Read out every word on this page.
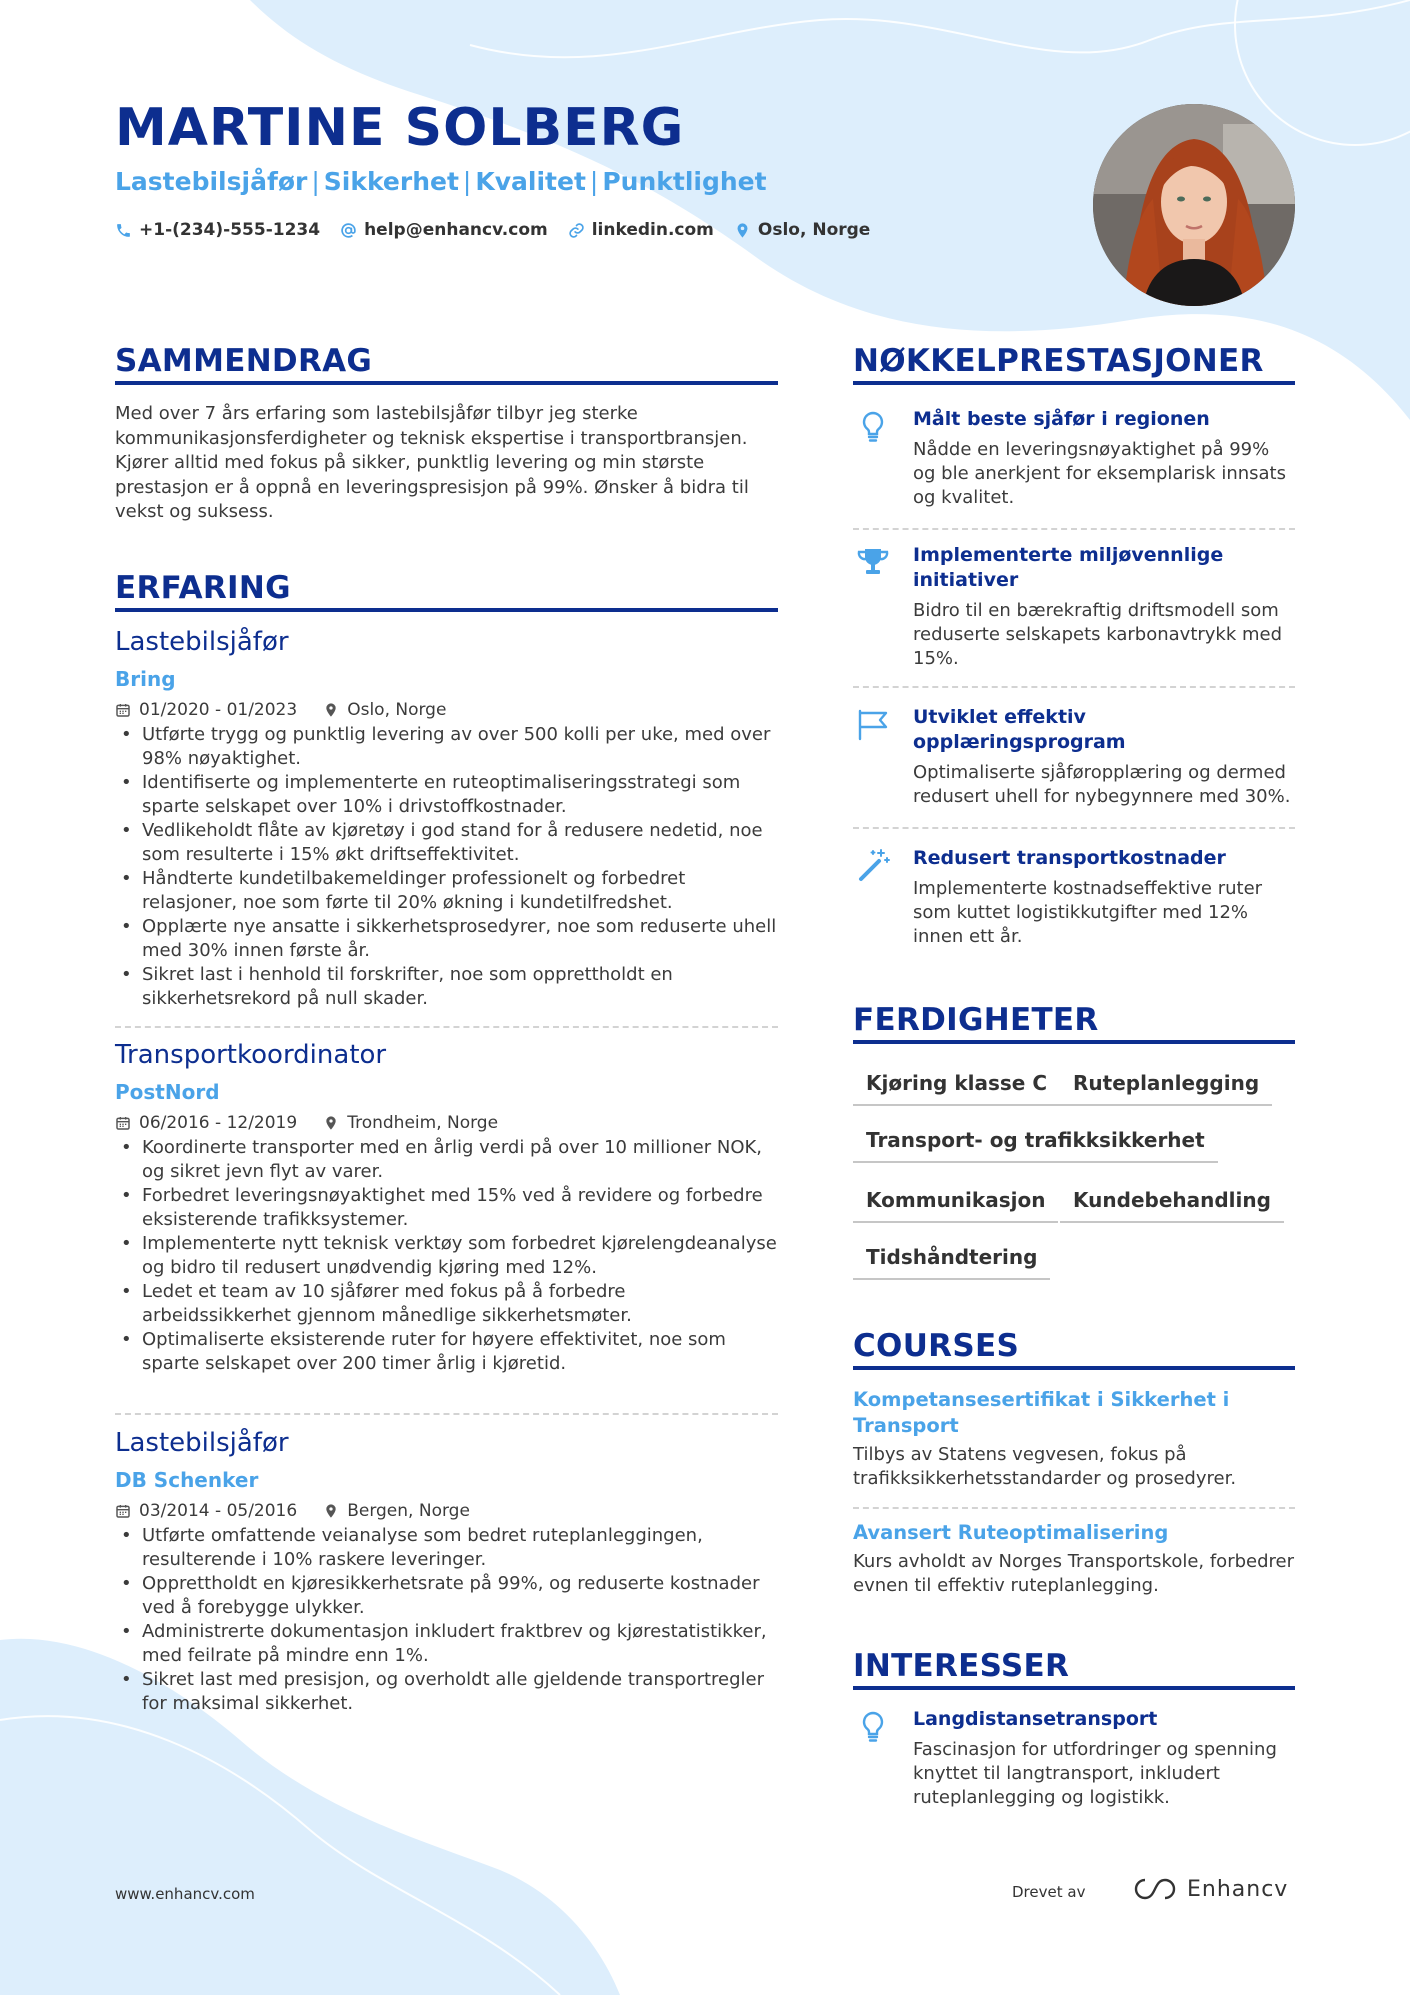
MARTINE SOLBERG
Lastebilsjåfør | Sikkerhet | Kvalitet | Punktlighet
+1-(234)-555-1234	help@enhancv.com	linkedin.com	Oslo, Norge
SAMMENDRAG
Med over 7 års erfaring som lastebilsjåfør tilbyr jeg sterke kommunikasjonsferdigheter og teknisk ekspertise i transportbransjen. Kjører alltid med fokus på sikker, punktlig levering og min største prestasjon er å oppnå en leveringspresisjon på 99%. Ønsker å bidra til vekst og suksess.
ERFARING
Lastebilsjåfør
Bring
01/2020 - 01/2023	Oslo, Norge
• Utførte trygg og punktlig levering av over 500 kolli per uke, med over 98% nøyaktighet.
• Identifiserte og implementerte en ruteoptimaliseringsstrategi som sparte selskapet over 10% i drivstoffkostnader.
• Vedlikeholdt flåte av kjøretøy i god stand for å redusere nedetid, noe som resulterte i 15% økt driftseffektivitet.
• Håndterte kundetilbakemeldinger professionelt og forbedret relasjoner, noe som førte til 20% økning i kundetilfredshet.
• Opplærte nye ansatte i sikkerhetsprosedyrer, noe som reduserte uhell med 30% innen første år.
• Sikret last i henhold til forskrifter, noe som opprettholdt en sikkerhetsrekord på null skader.
Transportkoordinator
PostNord
06/2016 - 12/2019	Trondheim, Norge
• Koordinerte transporter med en årlig verdi på over 10 millioner NOK, og sikret jevn flyt av varer.
• Forbedret leveringsnøyaktighet med 15% ved å revidere og forbedre eksisterende trafikksystemer.
• Implementerte nytt teknisk verktøy som forbedret kjørelengdeanalyse og bidro til redusert unødvendig kjøring med 12%.
• Ledet et team av 10 sjåfører med fokus på å forbedre arbeidssikkerhet gjennom månedlige sikkerhetsmøter.
• Optimaliserte eksisterende ruter for høyere effektivitet, noe som sparte selskapet over 200 timer årlig i kjøretid.
Lastebilsjåfør
DB Schenker
03/2014 - 05/2016	Bergen, Norge
• Utførte omfattende veianalyse som bedret ruteplanleggingen, resulterende i 10% raskere leveringer.
• Opprettholdt en kjøresikkerhetsrate på 99%, og reduserte kostnader ved å forebygge ulykker.
• Administrerte dokumentasjon inkludert fraktbrev og kjørestatistikker, med feilrate på mindre enn 1%.
• Sikret last med presisjon, og overholdt alle gjeldende transportregler for maksimal sikkerhet.
NØKKELPRESTASJONER
Målt beste sjåfør i regionen
Nådde en leveringsnøyaktighet på 99% og ble anerkjent for eksemplarisk innsats og kvalitet.
Implementerte miljøvennlige initiativer
Bidro til en bærekraftig driftsmodell som reduserte selskapets karbonavtrykk med 15%.
Utviklet effektiv opplæringsprogram
Optimaliserte sjåføropplæring og dermed redusert uhell for nybegynnere med 30%.
Redusert transportkostnader
Implementerte kostnadseffektive ruter som kuttet logistikkutgifter med 12% innen ett år.
FERDIGHETER
Kjøring klasse C	Ruteplanlegging
Transport- og trafikksikkerhet
Kommunikasjon	Kundebehandling
Tidshåndtering
COURSES
Kompetansesertifikat i Sikkerhet i Transport
Tilbys av Statens vegvesen, fokus på trafikksikkerhetsstandarder og prosedyrer.
Avansert Ruteoptimalisering
Kurs avholdt av Norges Transportskole, forbedrer evnen til effektiv ruteplanlegging.
INTERESSER
Langdistansetransport
Fascinasjon for utfordringer og spenning knyttet til langtransport, inkludert ruteplanlegging og logistikk.
www.enhancv.com	Drevet av	Enhancv
